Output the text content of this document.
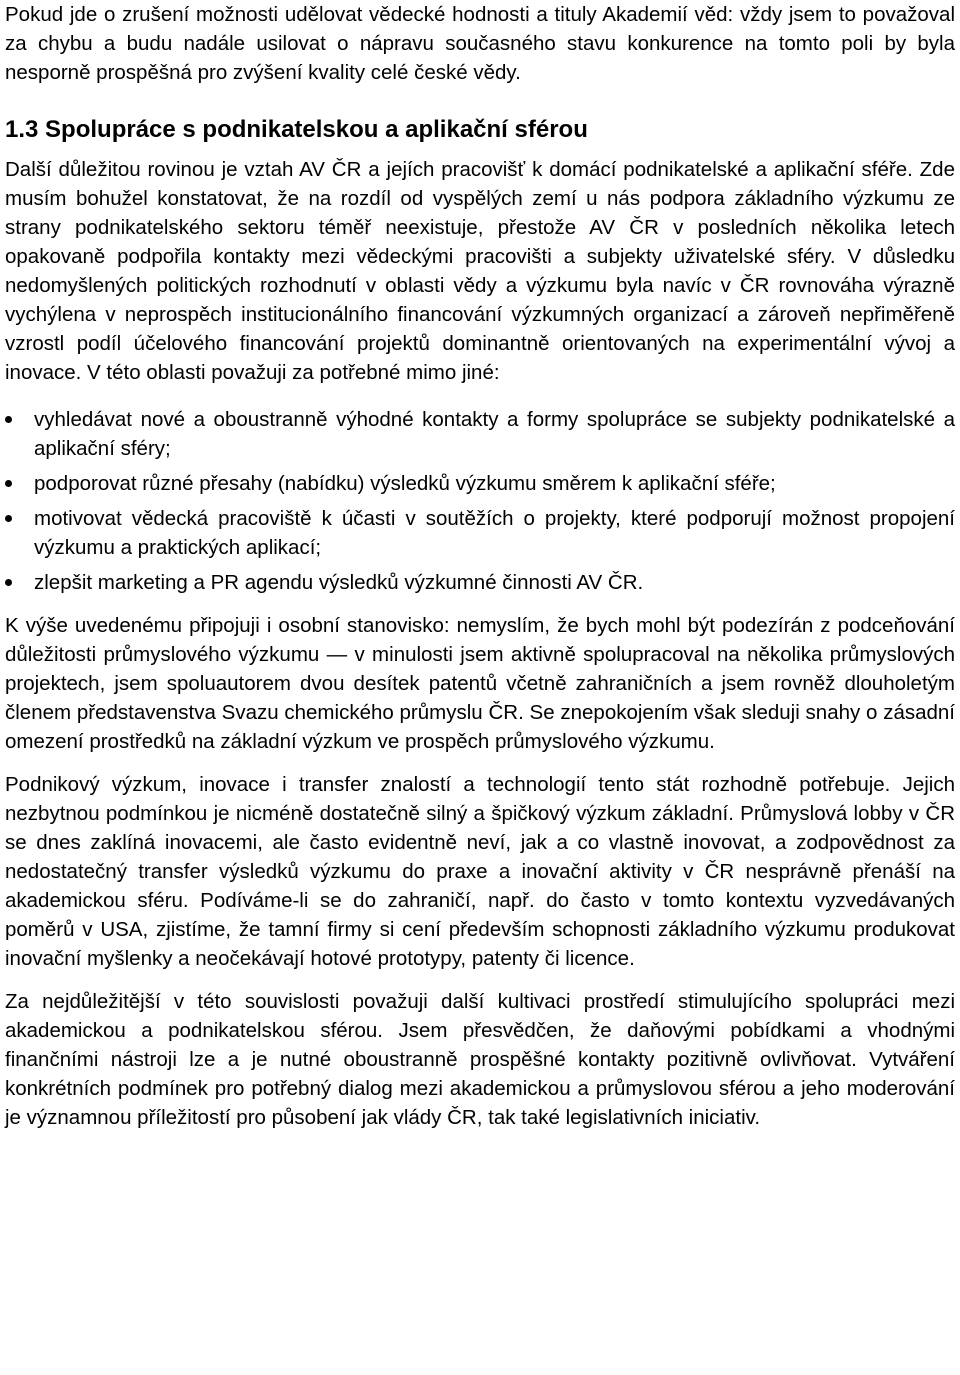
Pokud jde o zrušení možnosti udělovat vědecké hodnosti a tituly Akademií věd: vždy jsem to považoval za chybu a budu nadále usilovat o nápravu současného stavu konkurence na tomto poli by byla nesporně prospěšná pro zvýšení kvality celé české vědy.

1.3 Spolupráce s podnikatelskou a aplikační sférou

Další důležitou rovinou je vztah AV ČR a jejích pracovišť k domácí podnikatelské a aplikační sféře. Zde musím bohužel konstatovat, že na rozdíl od vyspělých zemí u nás podpora základního výzkumu ze strany podnikatelského sektoru téměř neexistuje, přestože AV ČR v posledních několika letech opakovaně podpořila kontakty mezi vědeckými pracovišti a subjekty uživatelské sféry. V důsledku nedomyšlených politických rozhodnutí v oblasti vědy a výzkumu byla navíc v ČR rovnováha výrazně vychýlena v neprospěch institucionálního financování výzkumných organizací a zároveň nepřiměřeně vzrostl podíl účelového financování projektů dominantně orientovaných na experimentální vývoj a inovace. V této oblasti považuji za potřebné mimo jiné:

vyhledávat nové a oboustranně výhodné kontakty a formy spolupráce se subjekty podnikatelské a aplikační sféry;
podporovat různé přesahy (nabídku) výsledků výzkumu směrem k aplikační sféře;
motivovat vědecká pracoviště k účasti v soutěžích o projekty, které podporují možnost propojení výzkumu a praktických aplikací;
zlepšit marketing a PR agendu výsledků výzkumné činnosti AV ČR.

K výše uvedenému připojuji i osobní stanovisko: nemyslím, že bych mohl být podezírán z podceňování důležitosti průmyslového výzkumu — v minulosti jsem aktivně spolupracoval na několika průmyslových projektech, jsem spoluautorem dvou desítek patentů včetně zahraničních a jsem rovněž dlouholetým členem představenstva Svazu chemického průmyslu ČR. Se znepokojením však sleduji snahy o zásadní omezení prostředků na základní výzkum ve prospěch průmyslového výzkumu.

Podnikový výzkum, inovace i transfer znalostí a technologií tento stát rozhodně potřebuje. Jejich nezbytnou podmínkou je nicméně dostatečně silný a špičkový výzkum základní. Průmyslová lobby v ČR se dnes zaklíná inovacemi, ale často evidentně neví, jak a co vlastně inovovat, a zodpovědnost za nedostatečný transfer výsledků výzkumu do praxe a inovační aktivity v ČR nesprávně přenáší na akademickou sféru. Podíváme-li se do zahraničí, např. do často v tomto kontextu vyzvedávaných poměrů v USA, zjistíme, že tamní firmy si cení především schopnosti základního výzkumu produkovat inovační myšlenky a neočekávají hotové prototypy, patenty či licence.

Za nejdůležitější v této souvislosti považuji další kultivaci prostředí stimulujícího spolupráci mezi akademickou a podnikatelskou sférou. Jsem přesvědčen, že daňovými pobídkami a vhodnými finančními nástroji lze a je nutné oboustranně prospěšné kontakty pozitivně ovlivňovat. Vytváření konkrétních podmínek pro potřebný dialog mezi akademickou a průmyslovou sférou a jeho moderování je významnou příležitostí pro působení jak vlády ČR, tak také legislativních iniciativ.
